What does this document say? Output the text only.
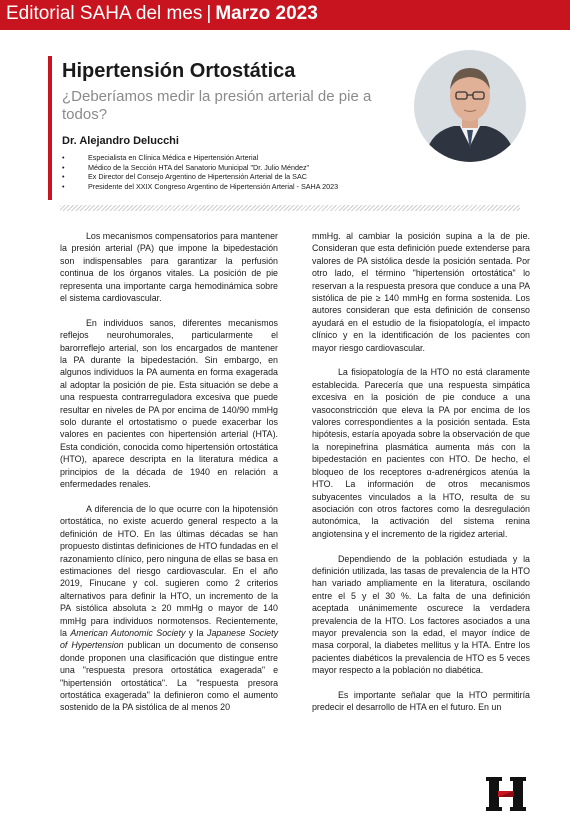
Editorial SAHA del mes | Marzo 2023
Hipertensión Ortostática

¿Deberíamos medir la presión arterial de pie a todos?

Dr. Alejandro Delucchi

•	Especialista en Clínica Médica e Hipertensión Arterial
•	Médico de la Sección HTA del Sanatorio Municipal "Dr. Julio Méndez"
•	Ex Director del Consejo Argentino de Hipertensión Arterial de la SAC
•	Presidente del XXIX Congreso Argentino de Hipertensión Arterial - SAHA 2023

Los mecanismos compensatorios para mantener la presión arterial (PA) que impone la bipedestación son indispensables para garantizar la perfusión continua de los órganos vitales. La posición de pie representa una importante carga hemodinámica sobre el sistema cardiovascular.

En individuos sanos, diferentes mecanismos reflejos neurohumorales, particularmente el barorreflejo arterial, son los encargados de mantener la PA durante la bipedestación. Sin embargo, en algunos individuos la PA aumenta en forma exagerada al adoptar la posición de pie. Esta situación se debe a una respuesta contrarreguladora excesiva que puede resultar en niveles de PA por encima de 140/90 mmHg solo durante el ortostatismo o puede exacerbar los valores en pacientes con hipertensión arterial (HTA). Esta condición, conocida como hipertensión ortostática (HTO), aparece descripta en la literatura médica a principios de la década de 1940 en relación a enfermedades renales.

A diferencia de lo que ocurre con la hipotensión ortostática, no existe acuerdo general respecto a la definición de HTO. En las últimas décadas se han propuesto distintas definiciones de HTO fundadas en el razonamiento clínico, pero ninguna de ellas se basa en estimaciones del riesgo cardiovascular. En el año 2019, Finucane y col. sugieren como 2 criterios alternativos para definir la HTO, un incremento de la PA sistólica absoluta ≥ 20 mmHg o mayor de 140 mmHg para individuos normotensos. Recientemente, la American Autonomic Society y la Japanese Society of Hypertension publican un documento de consenso donde proponen una clasificación que distingue entre una "respuesta presora ortostática exagerada" e "hipertensión ortostática". La "respuesta presora ortostática exagerada" la definieron como el aumento sostenido de la PA sistólica de al menos 20

mmHg. al cambiar la posición supina a la de pie. Consideran que esta definición puede extenderse para valores de PA sistólica desde la posición sentada. Por otro lado, el término "hipertensión ortostática" lo reservan a la respuesta presora que conduce a una PA sistólica de pie ≥ 140 mmHg en forma sostenida. Los autores consideran que esta definición de consenso ayudará en el estudio de la fisiopatología, el impacto clínico y en la identificación de los pacientes con mayor riesgo cardiovascular.

La fisiopatología de la HTO no está claramente establecida. Parecería que una respuesta simpática excesiva en la posición de pie conduce a una vasoconstricción que eleva la PA por encima de los valores correspondientes a la posición sentada. Esta hipótesis, estaría apoyada sobre la observación de que la norepinefrina plasmática aumenta más con la bipedestación en pacientes con HTO. De hecho, el bloqueo de los receptores α-adrenérgicos atenúa la HTO. La información de otros mecanismos subyacentes vinculados a la HTO, resulta de su asociación con otros factores como la desregulación autonómica, la activación del sistema renina angiotensina y el incremento de la rigidez arterial.

Dependiendo de la población estudiada y la definición utilizada, las tasas de prevalencia de la HTO han variado ampliamente en la literatura, oscilando entre el 5 y el 30 %. La falta de una definición aceptada unánimemente oscurece la verdadera prevalencia de la HTO. Los factores asociados a una mayor prevalencia son la edad, el mayor índice de masa corporal, la diabetes mellitus y la HTA. Entre los pacientes diabéticos la prevalencia de HTO es 5 veces mayor respecto a la población no diabética.

Es importante señalar que la HTO permitiría predecir el desarrollo de HTA en el futuro. En un
